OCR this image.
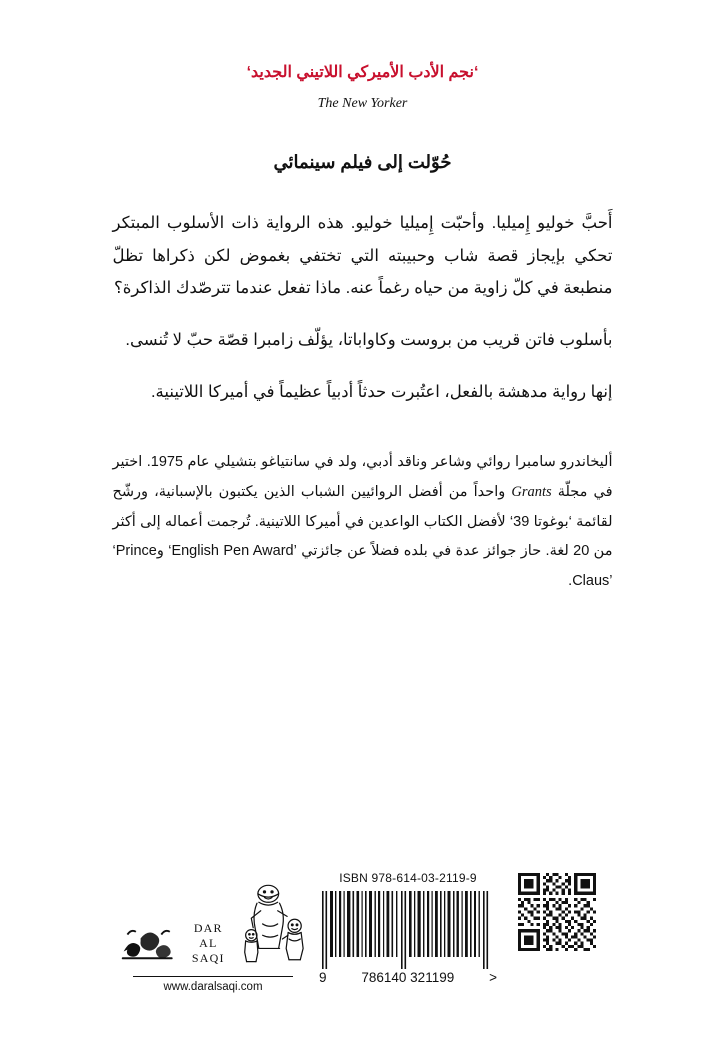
‘نجم الأدب الأميركي اللاتيني الجديد‘
The New Yorker
حُوّلت إلى فيلم سينمائي

أَحبَّ خوليو إِميليا. وأحبّت إِميليا خوليو. هذه الرواية ذات الأسلوب المبتكر تحكي بإيجاز قصة شاب وحبيبته التي تختفي بغموض لكن ذكراها تظلّ منطبعة في كلّ زاوية من حياه رغماً عنه. ماذا تفعل عندما تترصّدك الذاكرة؟

بأسلوب فاتن قريب من بروست وكاواباتا، يؤلّف زامبرا قصّة حبّ لا تُنسى.

إنها رواية مدهشة بالفعل، اعتُبرت حدثاً أدبياً عظيماً في أميركا اللاتينية.

أليخاندرو سامبرا روائي وشاعر وناقد أدبي، ولد في سانتياغو بتشيلي عام 1975. اختير في مجلّة Grants واحداً من أفضل الروائيين الشباب الذين يكتبون بالإسبانية، ورشّح لقائمة ‘بوغوتا 39‘ لأفضل الكتاب الواعدين في أميركا اللاتينية. تُرجمت أعماله إلى أكثر من 20 لغة. حاز جوائز عدة في بلده فضلاً عن جائزتي ‘English Pen Award’ و‘Prince Claus’.
DAR
AL SAQI
www.daralsaqi.com
ISBN 978-614-03-2119-9
9	786140 321199	>
